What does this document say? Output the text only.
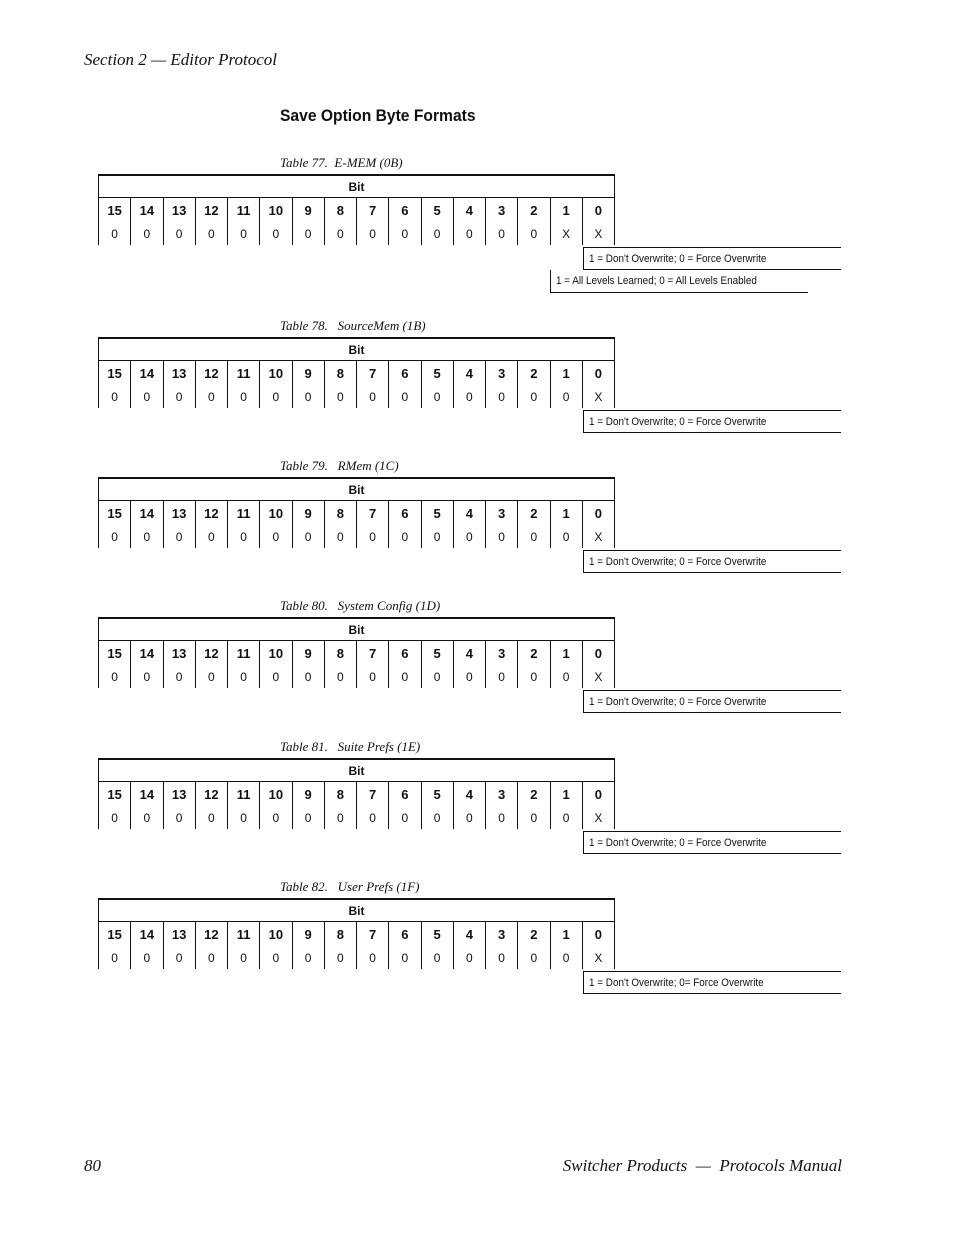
Section 2 — Editor Protocol
Save Option Byte Formats
Table 77.  E-MEM (0B)
Bit
15	14	13	12	11	10	9	8	7	6	5	4	3	2	1	0
0	0	0	0	0	0	0	0	0	0	0	0	0	0	X	X
1 = Don't Overwrite; 0 = Force Overwrite
1 = All Levels Learned; 0 = All Levels Enabled
Table 78.   SourceMem (1B)
Bit
15	14	13	12	11	10	9	8	7	6	5	4	3	2	1	0
0	0	0	0	0	0	0	0	0	0	0	0	0	0	0	X
1 = Don't Overwrite; 0 = Force Overwrite
Table 79.   RMem (1C)
Bit
15	14	13	12	11	10	9	8	7	6	5	4	3	2	1	0
0	0	0	0	0	0	0	0	0	0	0	0	0	0	0	X
1 = Don't Overwrite; 0 = Force Overwrite
Table 80.   System Config (1D)
Bit
15	14	13	12	11	10	9	8	7	6	5	4	3	2	1	0
0	0	0	0	0	0	0	0	0	0	0	0	0	0	0	X
1 = Don't Overwrite; 0 = Force Overwrite
Table 81.   Suite Prefs (1E)
Bit
15	14	13	12	11	10	9	8	7	6	5	4	3	2	1	0
0	0	0	0	0	0	0	0	0	0	0	0	0	0	0	X
1 = Don't Overwrite; 0 = Force Overwrite
Table 82.   User Prefs (1F)
Bit
15	14	13	12	11	10	9	8	7	6	5	4	3	2	1	0
0	0	0	0	0	0	0	0	0	0	0	0	0	0	0	X
1 = Don't Overwrite; 0= Force Overwrite
80	Switcher Products  —  Protocols Manual
